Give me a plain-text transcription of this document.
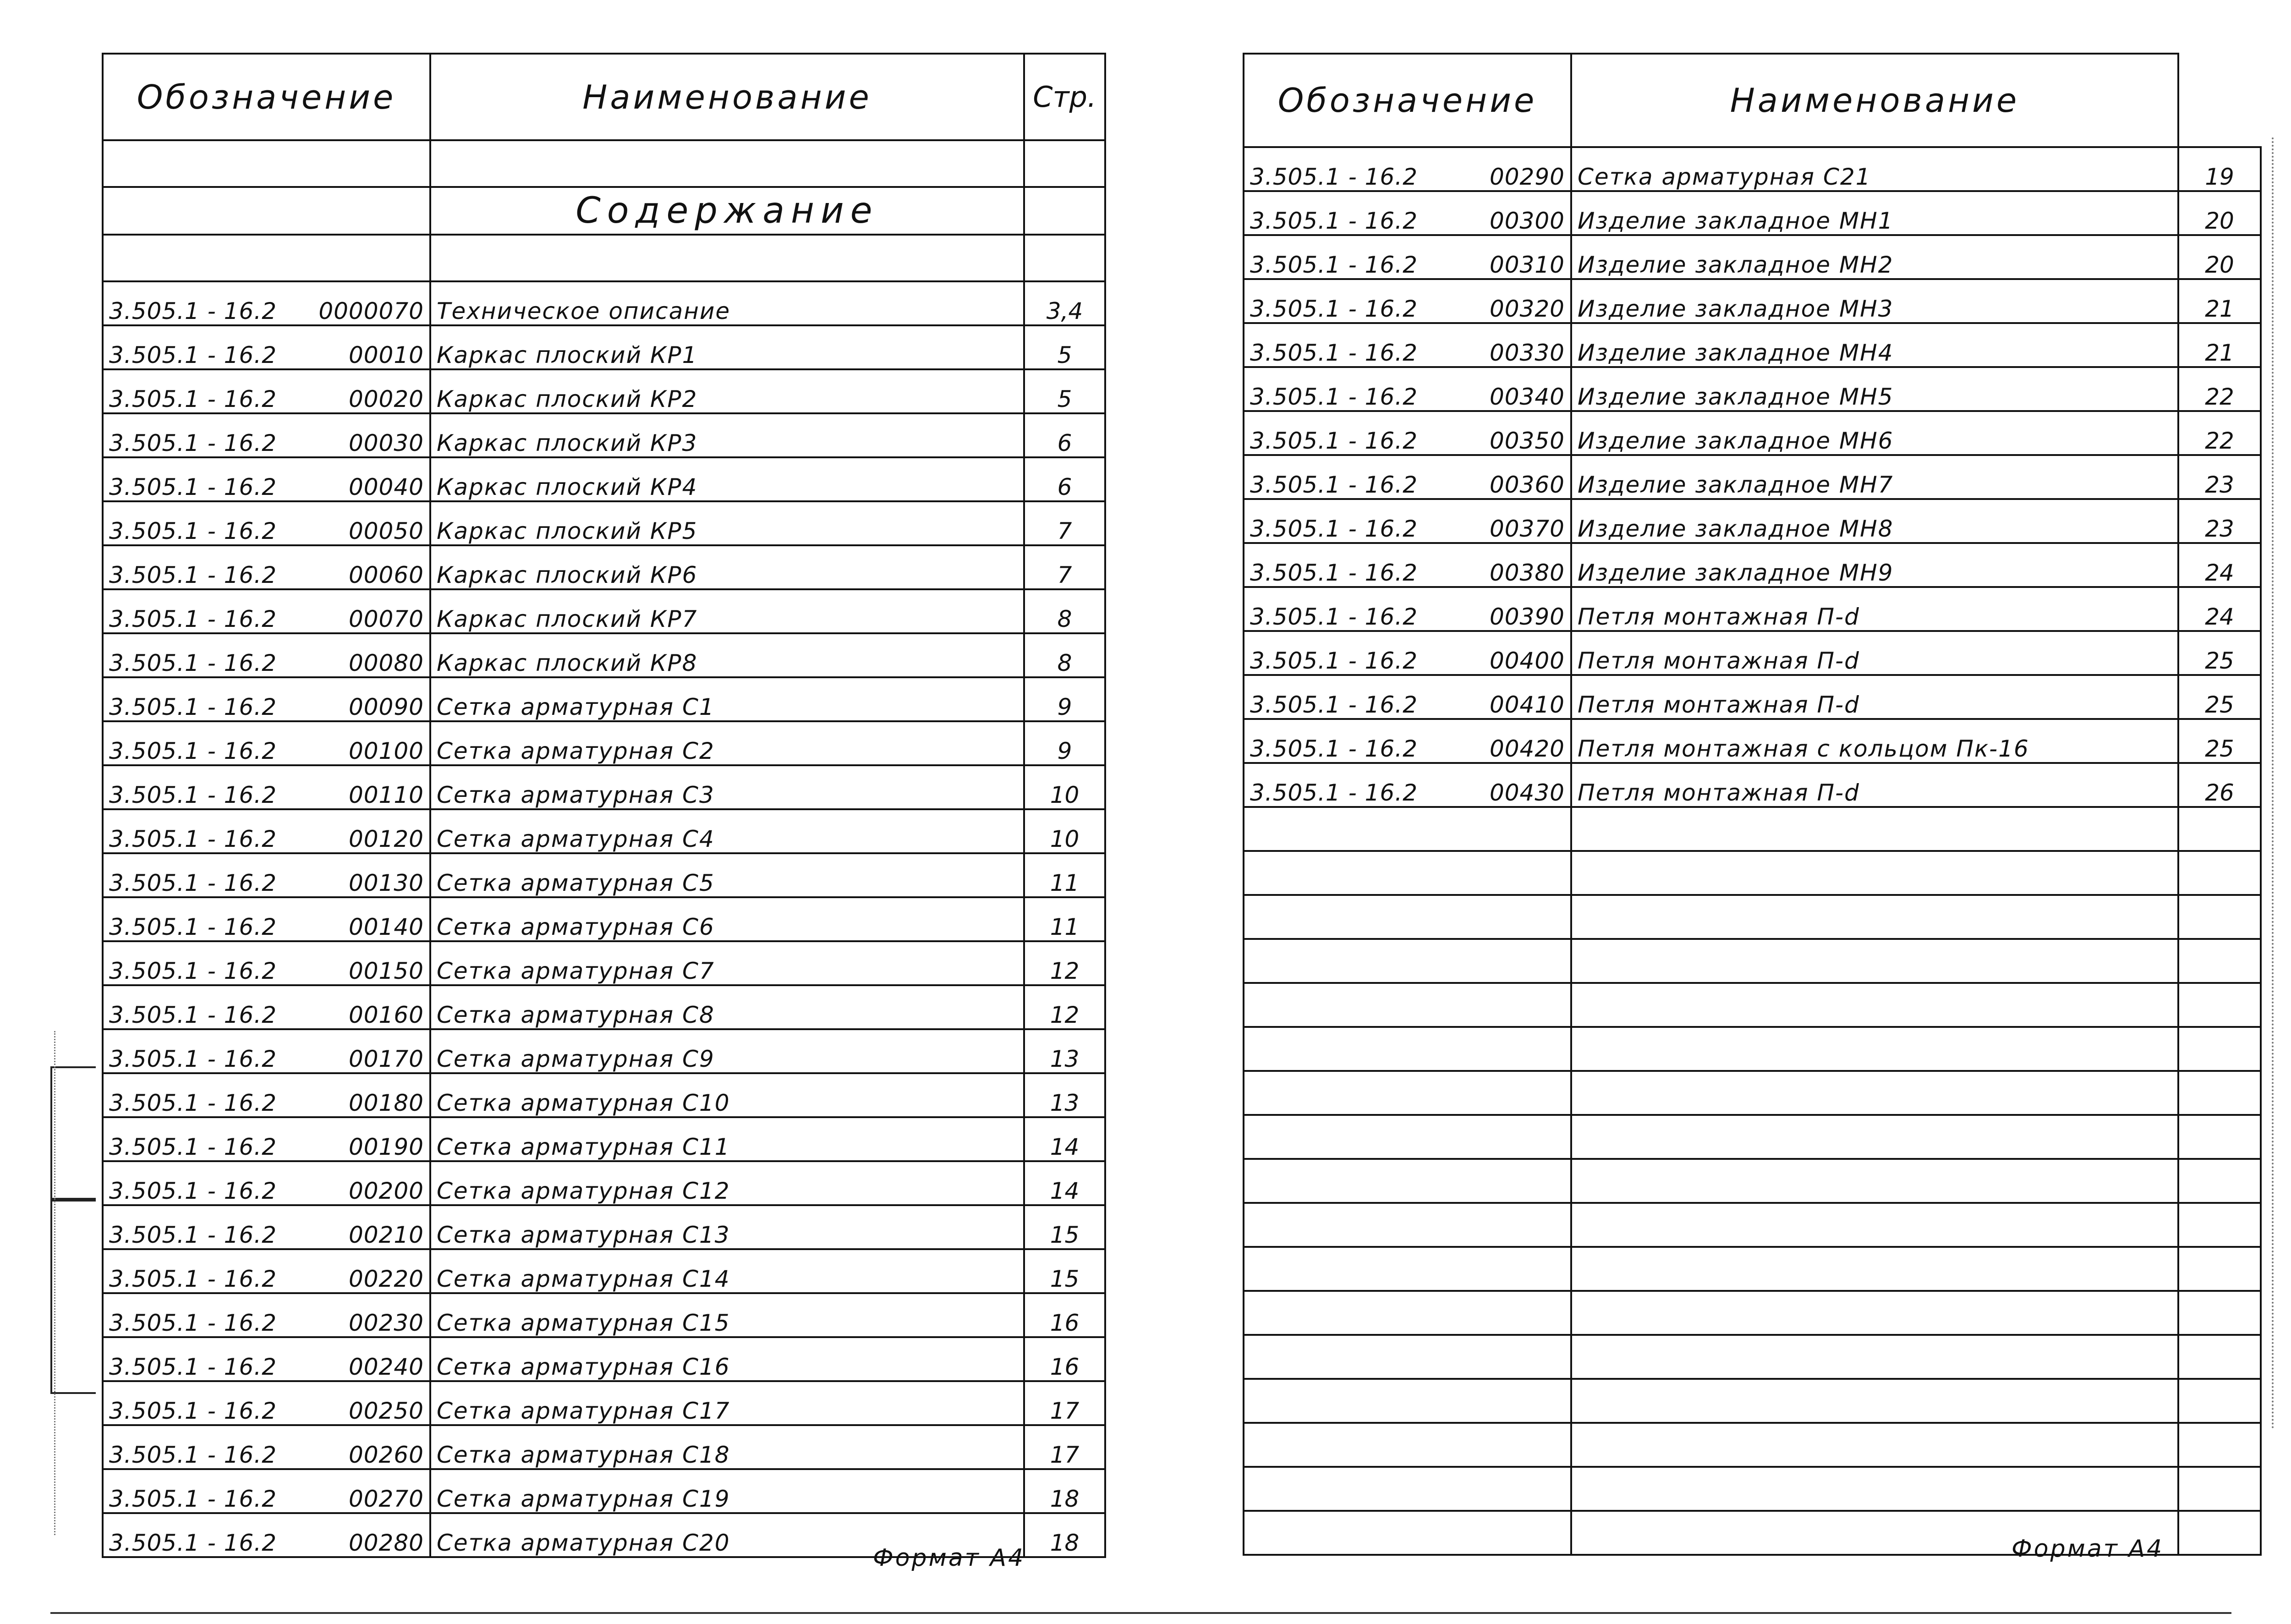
Обозначение	Наименование	Стр.

	Содержание	

3.505.1 - 16.2 0000070	Техническое описание	3,4
3.505.1 - 16.2 00010	Каркас плоский КР1	5
3.505.1 - 16.2 00020	Каркас плоский КР2	5
3.505.1 - 16.2 00030	Каркас плоский КР3	6
3.505.1 - 16.2 00040	Каркас плоский КР4	6
3.505.1 - 16.2 00050	Каркас плоский КР5	7
3.505.1 - 16.2 00060	Каркас плоский КР6	7
3.505.1 - 16.2 00070	Каркас плоский КР7	8
3.505.1 - 16.2 00080	Каркас плоский КР8	8
3.505.1 - 16.2 00090	Сетка арматурная С1	9
3.505.1 - 16.2 00100	Сетка арматурная С2	9
3.505.1 - 16.2 00110	Сетка арматурная С3	10
3.505.1 - 16.2 00120	Сетка арматурная С4	10
3.505.1 - 16.2 00130	Сетка арматурная С5	11
3.505.1 - 16.2 00140	Сетка арматурная С6	11
3.505.1 - 16.2 00150	Сетка арматурная С7	12
3.505.1 - 16.2 00160	Сетка арматурная С8	12
3.505.1 - 16.2 00170	Сетка арматурная С9	13
3.505.1 - 16.2 00180	Сетка арматурная С10	13
3.505.1 - 16.2 00190	Сетка арматурная С11	14
3.505.1 - 16.2 00200	Сетка арматурная С12	14
3.505.1 - 16.2 00210	Сетка арматурная С13	15
3.505.1 - 16.2 00220	Сетка арматурная С14	15
3.505.1 - 16.2 00230	Сетка арматурная С15	16
3.505.1 - 16.2 00240	Сетка арматурная С16	16
3.505.1 - 16.2 00250	Сетка арматурная С17	17
3.505.1 - 16.2 00260	Сетка арматурная С18	17
3.505.1 - 16.2 00270	Сетка арматурная С19	18
3.505.1 - 16.2 00280	Сетка арматурная С20	18
Формат А4
Обозначение	Наименование	
3.505.1 - 16.2 00290	Сетка арматурная С21	19
3.505.1 - 16.2 00300	Изделие закладное МН1	20
3.505.1 - 16.2 00310	Изделие закладное МН2	20
3.505.1 - 16.2 00320	Изделие закладное МН3	21
3.505.1 - 16.2 00330	Изделие закладное МН4	21
3.505.1 - 16.2 00340	Изделие закладное МН5	22
3.505.1 - 16.2 00350	Изделие закладное МН6	22
3.505.1 - 16.2 00360	Изделие закладное МН7	23
3.505.1 - 16.2 00370	Изделие закладное МН8	23
3.505.1 - 16.2 00380	Изделие закладное МН9	24
3.505.1 - 16.2 00390	Петля монтажная П-d	24
3.505.1 - 16.2 00400	Петля монтажная П-d	25
3.505.1 - 16.2 00410	Петля монтажная П-d	25
3.505.1 - 16.2 00420	Петля монтажная с кольцом Пк-16	25
3.505.1 - 16.2 00430	Петля монтажная П-d	26

Формат А4
